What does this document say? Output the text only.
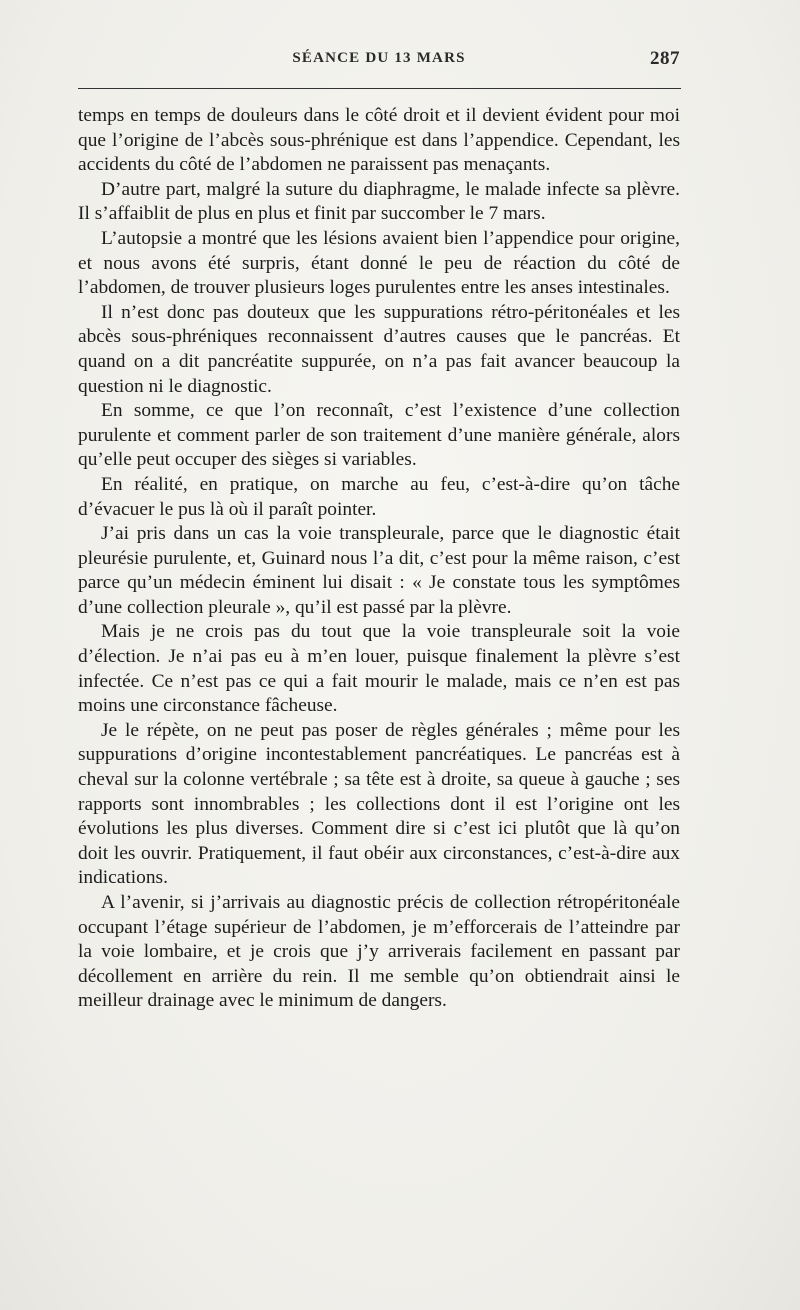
SÉANCE DU 13 MARS	287

temps en temps de douleurs dans le côté droit et il devient évident pour moi que l’origine de l’abcès sous-phrénique est dans l’appendice. Cependant, les accidents du côté de l’abdomen ne paraissent pas menaçants.

D’autre part, malgré la suture du diaphragme, le malade infecte sa plèvre. Il s’affaiblit de plus en plus et finit par succomber le 7 mars.

L’autopsie a montré que les lésions avaient bien l’appendice pour origine, et nous avons été surpris, étant donné le peu de réaction du côté de l’abdomen, de trouver plusieurs loges purulentes entre les anses intestinales.

Il n’est donc pas douteux que les suppurations rétro-péritonéales et les abcès sous-phréniques reconnaissent d’autres causes que le pancréas. Et quand on a dit pancréatite suppurée, on n’a pas fait avancer beaucoup la question ni le diagnostic.

En somme, ce que l’on reconnaît, c’est l’existence d’une collection purulente et comment parler de son traitement d’une manière générale, alors qu’elle peut occuper des sièges si variables.

En réalité, en pratique, on marche au feu, c’est-à-dire qu’on tâche d’évacuer le pus là où il paraît pointer.

J’ai pris dans un cas la voie transpleurale, parce que le diagnostic était pleurésie purulente, et, Guinard nous l’a dit, c’est pour la même raison, c’est parce qu’un médecin éminent lui disait : « Je constate tous les symptômes d’une collection pleurale », qu’il est passé par la plèvre.

Mais je ne crois pas du tout que la voie transpleurale soit la voie d’élection. Je n’ai pas eu à m’en louer, puisque finalement la plèvre s’est infectée. Ce n’est pas ce qui a fait mourir le malade, mais ce n’en est pas moins une circonstance fâcheuse.

Je le répète, on ne peut pas poser de règles générales ; même pour les suppurations d’origine incontestablement pancréatiques. Le pancréas est à cheval sur la colonne vertébrale ; sa tête est à droite, sa queue à gauche ; ses rapports sont innombrables ; les collections dont il est l’origine ont les évolutions les plus diverses. Comment dire si c’est ici plutôt que là qu’on doit les ouvrir. Pratiquement, il faut obéir aux circonstances, c’est-à-dire aux indications.

A l’avenir, si j’arrivais au diagnostic précis de collection rétropéritonéale occupant l’étage supérieur de l’abdomen, je m’efforcerais de l’atteindre par la voie lombaire, et je crois que j’y arriverais facilement en passant par décollement en arrière du rein. Il me semble qu’on obtiendrait ainsi le meilleur drainage avec le minimum de dangers.
